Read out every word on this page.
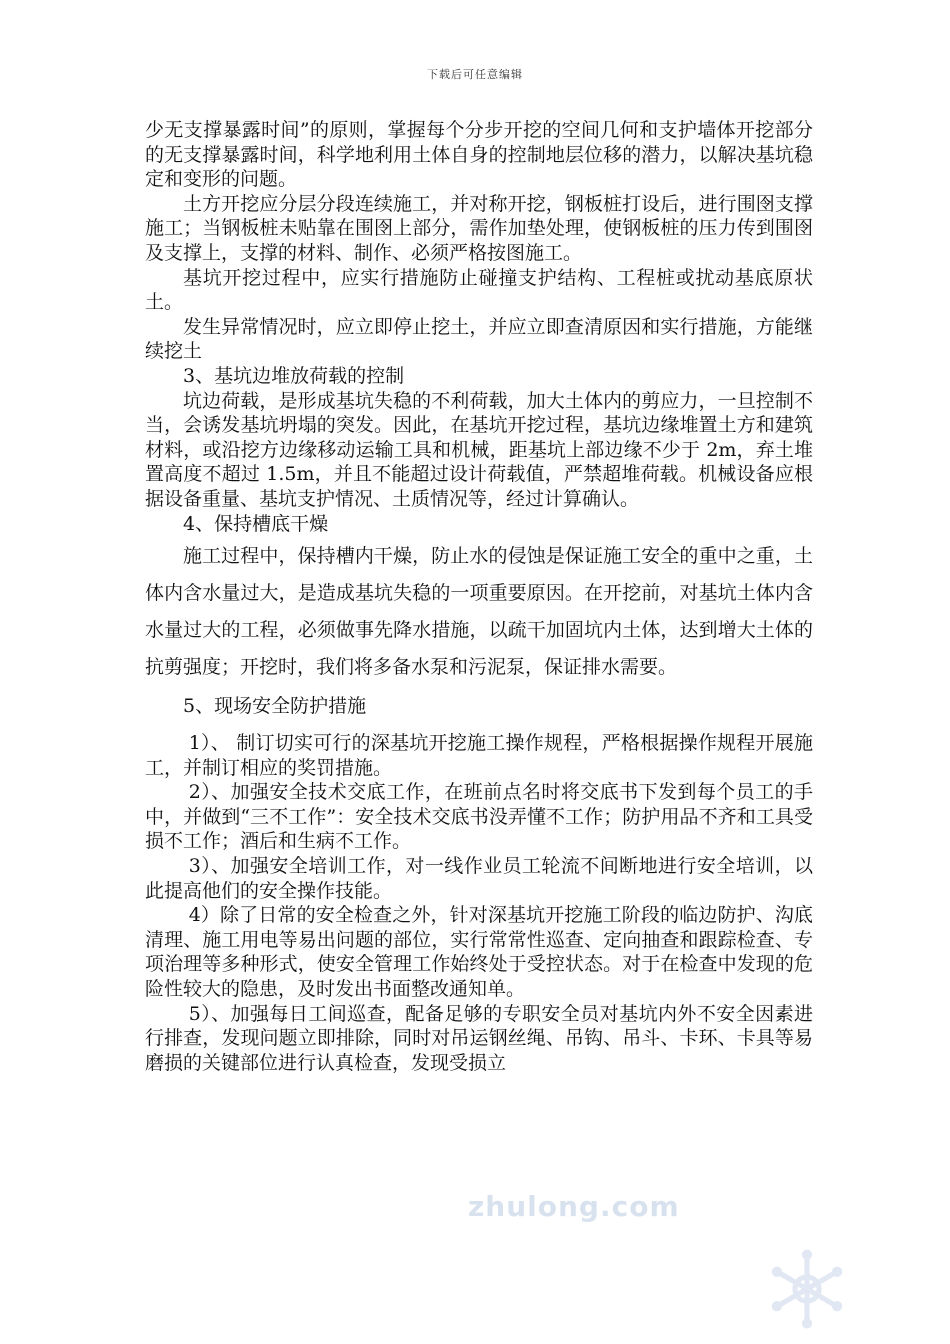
下载后可任意编辑

少无支撑暴露时间”的原则，掌握每个分步开挖的空间几何和支护墙体开挖部分的无支撑暴露时间，科学地利用土体自身的控制地层位移的潜力，以解决基坑稳定和变形的问题。

土方开挖应分层分段连续施工，并对称开挖，钢板桩打设后，进行围囹支撑施工；当钢板桩未贴靠在围囹上部分，需作加垫处理，使钢板桩的压力传到围囹及支撑上，支撑的材料、制作、必须严格按图施工。

基坑开挖过程中，应实行措施防止碰撞支护结构、工程桩或扰动基底原状土。

发生异常情况时，应立即停止挖土，并应立即查清原因和实行措施，方能继续挖土

3、基坑边堆放荷载的控制

坑边荷载，是形成基坑失稳的不利荷载，加大土体内的剪应力，一旦控制不当，会诱发基坑坍塌的突发。因此，在基坑开挖过程，基坑边缘堆置土方和建筑材料，或沿挖方边缘移动运输工具和机械，距基坑上部边缘不少于 2m，弃土堆置高度不超过 1.5m，并且不能超过设计荷载值，严禁超堆荷载。机械设备应根据设备重量、基坑支护情况、土质情况等，经过计算确认。

4、保持槽底干燥

施工过程中，保持槽内干燥，防止水的侵蚀是保证施工安全的重中之重，土体内含水量过大，是造成基坑失稳的一项重要原因。在开挖前，对基坑土体内含水量过大的工程，必须做事先降水措施，以疏干加固坑内土体，达到增大土体的抗剪强度；开挖时，我们将多备水泵和污泥泵，保证排水需要。

5、现场安全防护措施

1）、 制订切实可行的深基坑开挖施工操作规程，严格根据操作规程开展施工，并制订相应的奖罚措施。

2）、加强安全技术交底工作，在班前点名时将交底书下发到每个员工的手中，并做到“三不工作”：安全技术交底书没弄懂不工作；防护用品不齐和工具受损不工作；酒后和生病不工作。

3）、加强安全培训工作，对一线作业员工轮流不间断地进行安全培训，以此提高他们的安全操作技能。

4）除了日常的安全检查之外，针对深基坑开挖施工阶段的临边防护、沟底清理、施工用电等易出问题的部位，实行常常性巡查、定向抽查和跟踪检查、专项治理等多种形式，使安全管理工作始终处于受控状态。对于在检查中发现的危险性较大的隐患，及时发出书面整改通知单。

5）、加强每日工间巡查，配备足够的专职安全员对基坑内外不安全因素进行排查，发现问题立即排除，同时对吊运钢丝绳、吊钩、吊斗、卡环、卡具等易磨损的关键部位进行认真检查，发现受损立

zhulong.com
